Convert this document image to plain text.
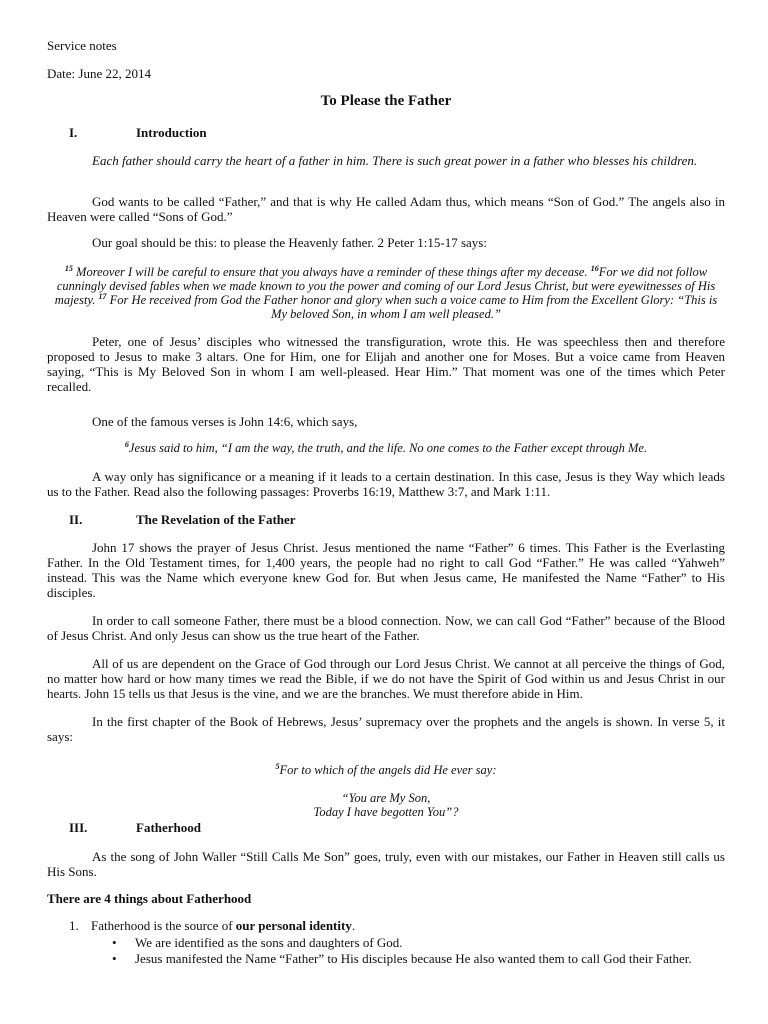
Service notes

Date: June 22, 2014

To Please the Father

I.	Introduction

Each father should carry the heart of a father in him. There is such great power in a father who blesses his children.

God wants to be called “Father,” and that is why He called Adam thus, which means “Son of God.” The angels also in Heaven were called “Sons of God.”

Our goal should be this: to please the Heavenly father. 2 Peter 1:15-17 says:

$^{15}$ Moreover I will be careful to ensure that you always have a reminder of these things after my decease. $^{16}$For we did not follow cunningly devised fables when we made known to you the power and coming of our Lord Jesus Christ, but were eyewitnesses of His majesty. $^{17}$ For He received from God the Father honor and glory when such a voice came to Him from the Excellent Glory: “This is My beloved Son, in whom I am well pleased.”

Peter, one of Jesus’ disciples who witnessed the transfiguration, wrote this. He was speechless then and therefore proposed to Jesus to make 3 altars. One for Him, one for Elijah and another one for Moses. But a voice came from Heaven saying, “This is My Beloved Son in whom I am well-pleased. Hear Him.” That moment was one of the times which Peter recalled.

One of the famous verses is John 14:6, which says,

$^6$Jesus said to him, “I am the way, the truth, and the life. No one comes to the Father except through Me.

A way only has significance or a meaning if it leads to a certain destination. In this case, Jesus is they Way which leads us to the Father. Read also the following passages: Proverbs 16:19, Matthew 3:7, and Mark 1:11.

II.	The Revelation of the Father

John 17 shows the prayer of Jesus Christ. Jesus mentioned the name “Father” 6 times. This Father is the Everlasting Father. In the Old Testament times, for 1,400 years, the people had no right to call God “Father.” He was called “Yahweh” instead. This was the Name which everyone knew God for. But when Jesus came, He manifested the Name “Father” to His disciples.

In order to call someone Father, there must be a blood connection. Now, we can call God “Father” because of the Blood of Jesus Christ. And only Jesus can show us the true heart of the Father.

All of us are dependent on the Grace of God through our Lord Jesus Christ. We cannot at all perceive the things of God, no matter how hard or how many times we read the Bible, if we do not have the Spirit of God within us and Jesus Christ in our hearts. John 15 tells us that Jesus is the vine, and we are the branches. We must therefore abide in Him.

In the first chapter of the Book of Hebrews, Jesus’ supremacy over the prophets and the angels is shown. In verse 5, it says:

$^5$For to which of the angels did He ever say:

“You are My Son,

Today I have begotten You”?

III.	Fatherhood

As the song of John Waller “Still Calls Me Son” goes, truly, even with our mistakes, our Father in Heaven still calls us His Sons.

There are 4 things about Fatherhood

1. Fatherhood is the source of our personal identity.

•	We are identified as the sons and daughters of God.

•	Jesus manifested the Name “Father” to His disciples because He also wanted them to call God their Father.
